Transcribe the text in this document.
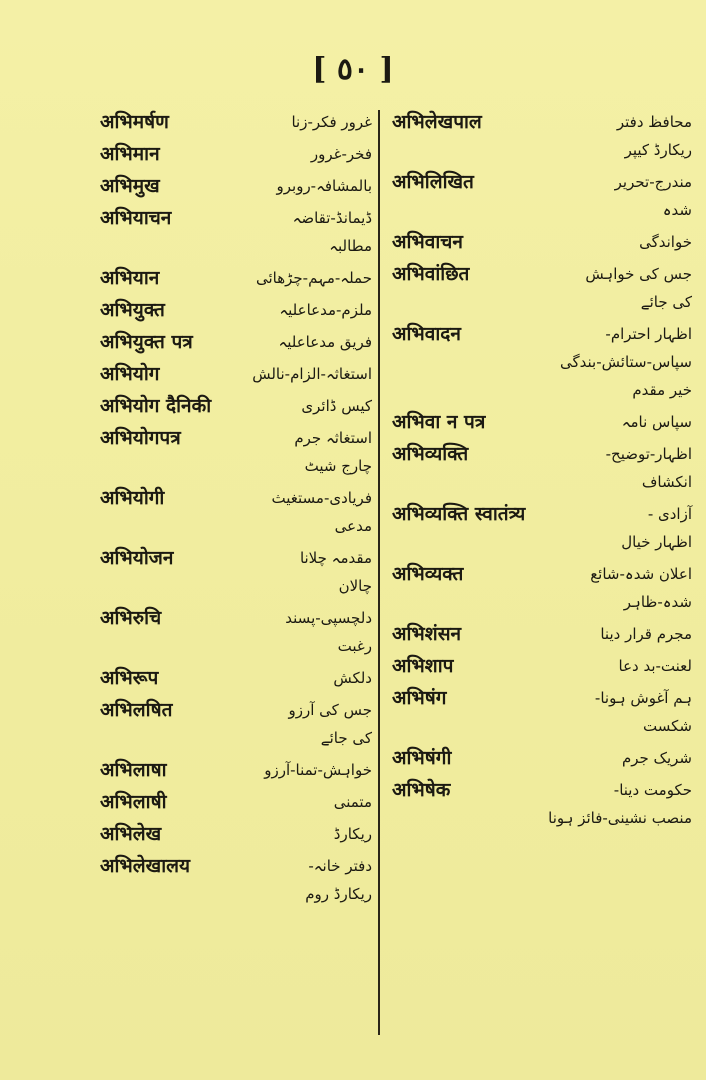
[ ٥٠ ]
अभिमर्षण	غرور فکر-زنا
अभिमान	فخر-غرور
अभिमुख	بالمشافہ-روبرو
अभियाचन	ڈیمانڈ-تقاضہ
مطالبہ
अभियान	حملہ-مہم-چڑھائی
अभियुक्त	ملزم-مدعاعلیہ
अभियुक्त पत्र	فریق مدعاعلیہ
अभियोग	استغاثہ-الزام-نالش
अभियोग दैनिकी	کیس ڈائری
अभियोगपत्र	استغاثہ جرم
چارج شیٹ
अभियोगी	فریادی-مستغیث
مدعی
अभियोजन	مقدمہ چلانا
چالان
अभिरुचि	دلچسپی-پسند
رغبت
अभिरूप	دلکش
अभिलषित	جس کی آرزو
کی جائے
अभिलाषा	خواہش-تمنا-آرزو
अभिलाषी	متمنی
अभिलेख	ریکارڈ
अभिलेखालय	دفتر خانہ-
ریکارڈ روم
अभिलेखपाल	محافظ دفتر
ریکارڈ کیپر
अभिलिखित	مندرج-تحریر
شدہ
अभिवाचन	خواندگی
अभिवांछित	جس کی خواہش
کی جائے
अभिवादन	اظہار احترام-
سپاس-ستائش-بندگی
خیر مقدم
अभिवा न पत्र	سپاس نامہ
अभिव्यक्ति	اظہار-توضیح-
انکشاف
अभिव्यक्ति स्वातंत्र्य	آزادی -
اظہار خیال
अभिव्यक्त	اعلان شدہ-شائع
شدہ-ظاہر
अभिशंसन	مجرم قرار دینا
अभिशाप	لعنت-بد دعا
अभिषंग	ہم آغوش ہونا-
شکست
अभिषंगी	شریک جرم
अभिषेक	حکومت دینا-
منصب نشینی-فائز ہونا
